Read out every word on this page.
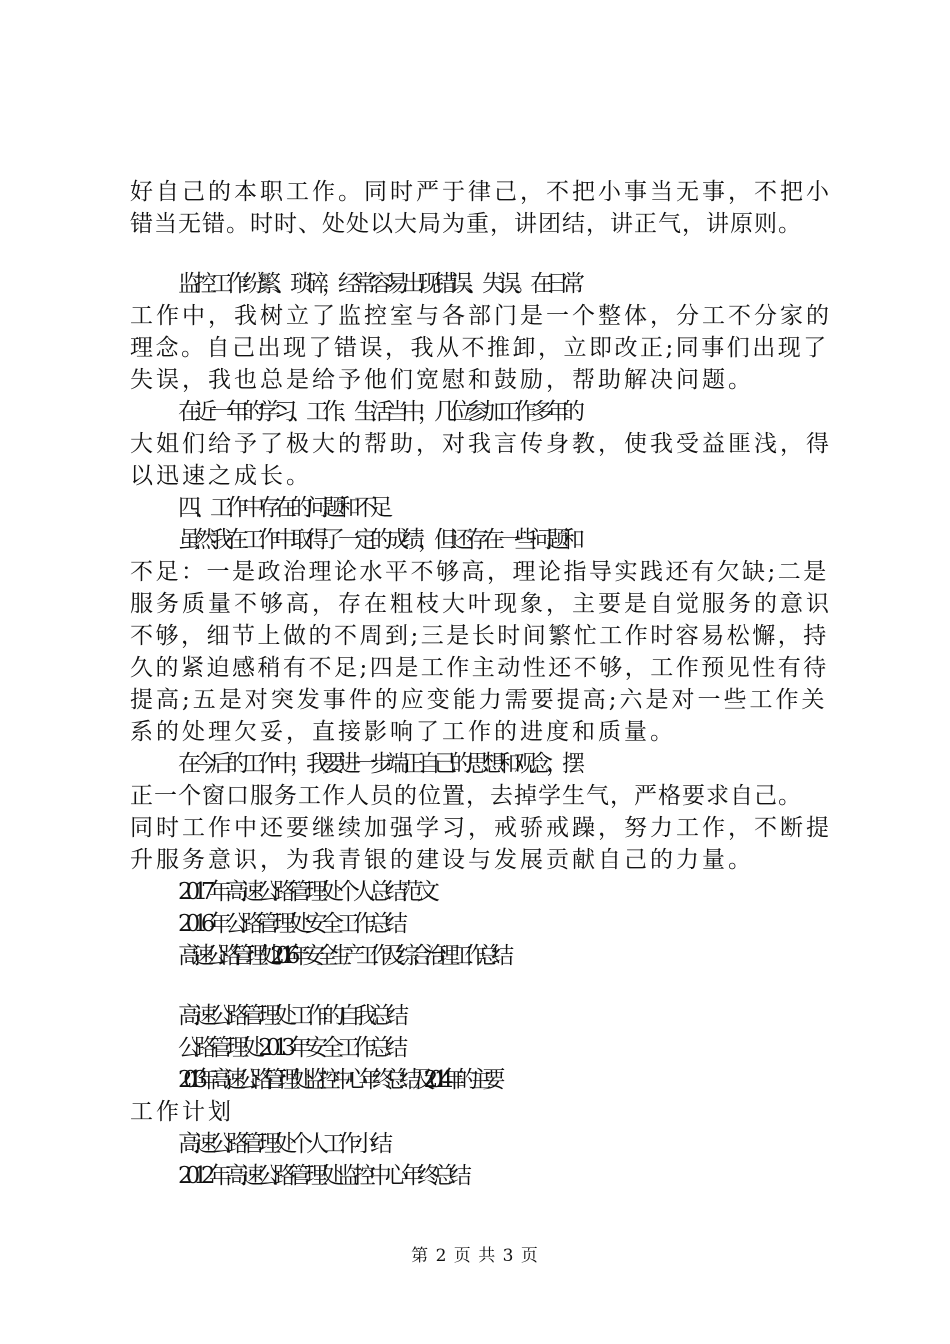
好自己的本职工作。同时严于律己，不把小事当无事，不把小
错当无错。时时、处处以大局为重，讲团结，讲正气，讲原则。
监控工作纷繁、琐碎，经常容易出现错误、失误。在日常
工作中，我树立了监控室与各部门是一个整体，分工不分家的
理念。自己出现了错误，我从不推卸，立即改正;同事们出现了
失误，我也总是给予他们宽慰和鼓励，帮助解决问题。
在近一年的学习、工作、生活当中，几位参加工作多年的
大姐们给予了极大的帮助，对我言传身教，使我受益匪浅，得
以迅速之成长。
四、工作中存在的问题和不足
虽然我在工作中取得了一定的成绩，但还存在一些问题和
不足：一是政治理论水平不够高，理论指导实践还有欠缺;二是
服务质量不够高，存在粗枝大叶现象，主要是自觉服务的意识
不够，细节上做的不周到;三是长时间繁忙工作时容易松懈，持
久的紧迫感稍有不足;四是工作主动性还不够，工作预见性有待
提高;五是对突发事件的应变能力需要提高;六是对一些工作关
系的处理欠妥，直接影响了工作的进度和质量。
在今后的工作中，我要进一步端正自己的思想和观念，摆
正一个窗口服务工作人员的位置，去掉学生气，严格要求自己。
同时工作中还要继续加强学习，戒骄戒躁，努力工作，不断提
升服务意识，为我青银的建设与发展贡献自己的力量。
2017 年高速公路管理处个人总结范文
2016 年公路管理处安全工作总结
高速公路管理处 2016 年安全生产工作及综合治理工作总结
高速公路管理处工作的自我总结
公路管理处 2013 年安全工作总结
2013 年高速公路管理处监控中心年终总结及 2014 年的主要
工作计划
高速公路管理处个人工作小结
2012 年高速公路管理处监控中心年终总结
第 2 页 共 3 页
